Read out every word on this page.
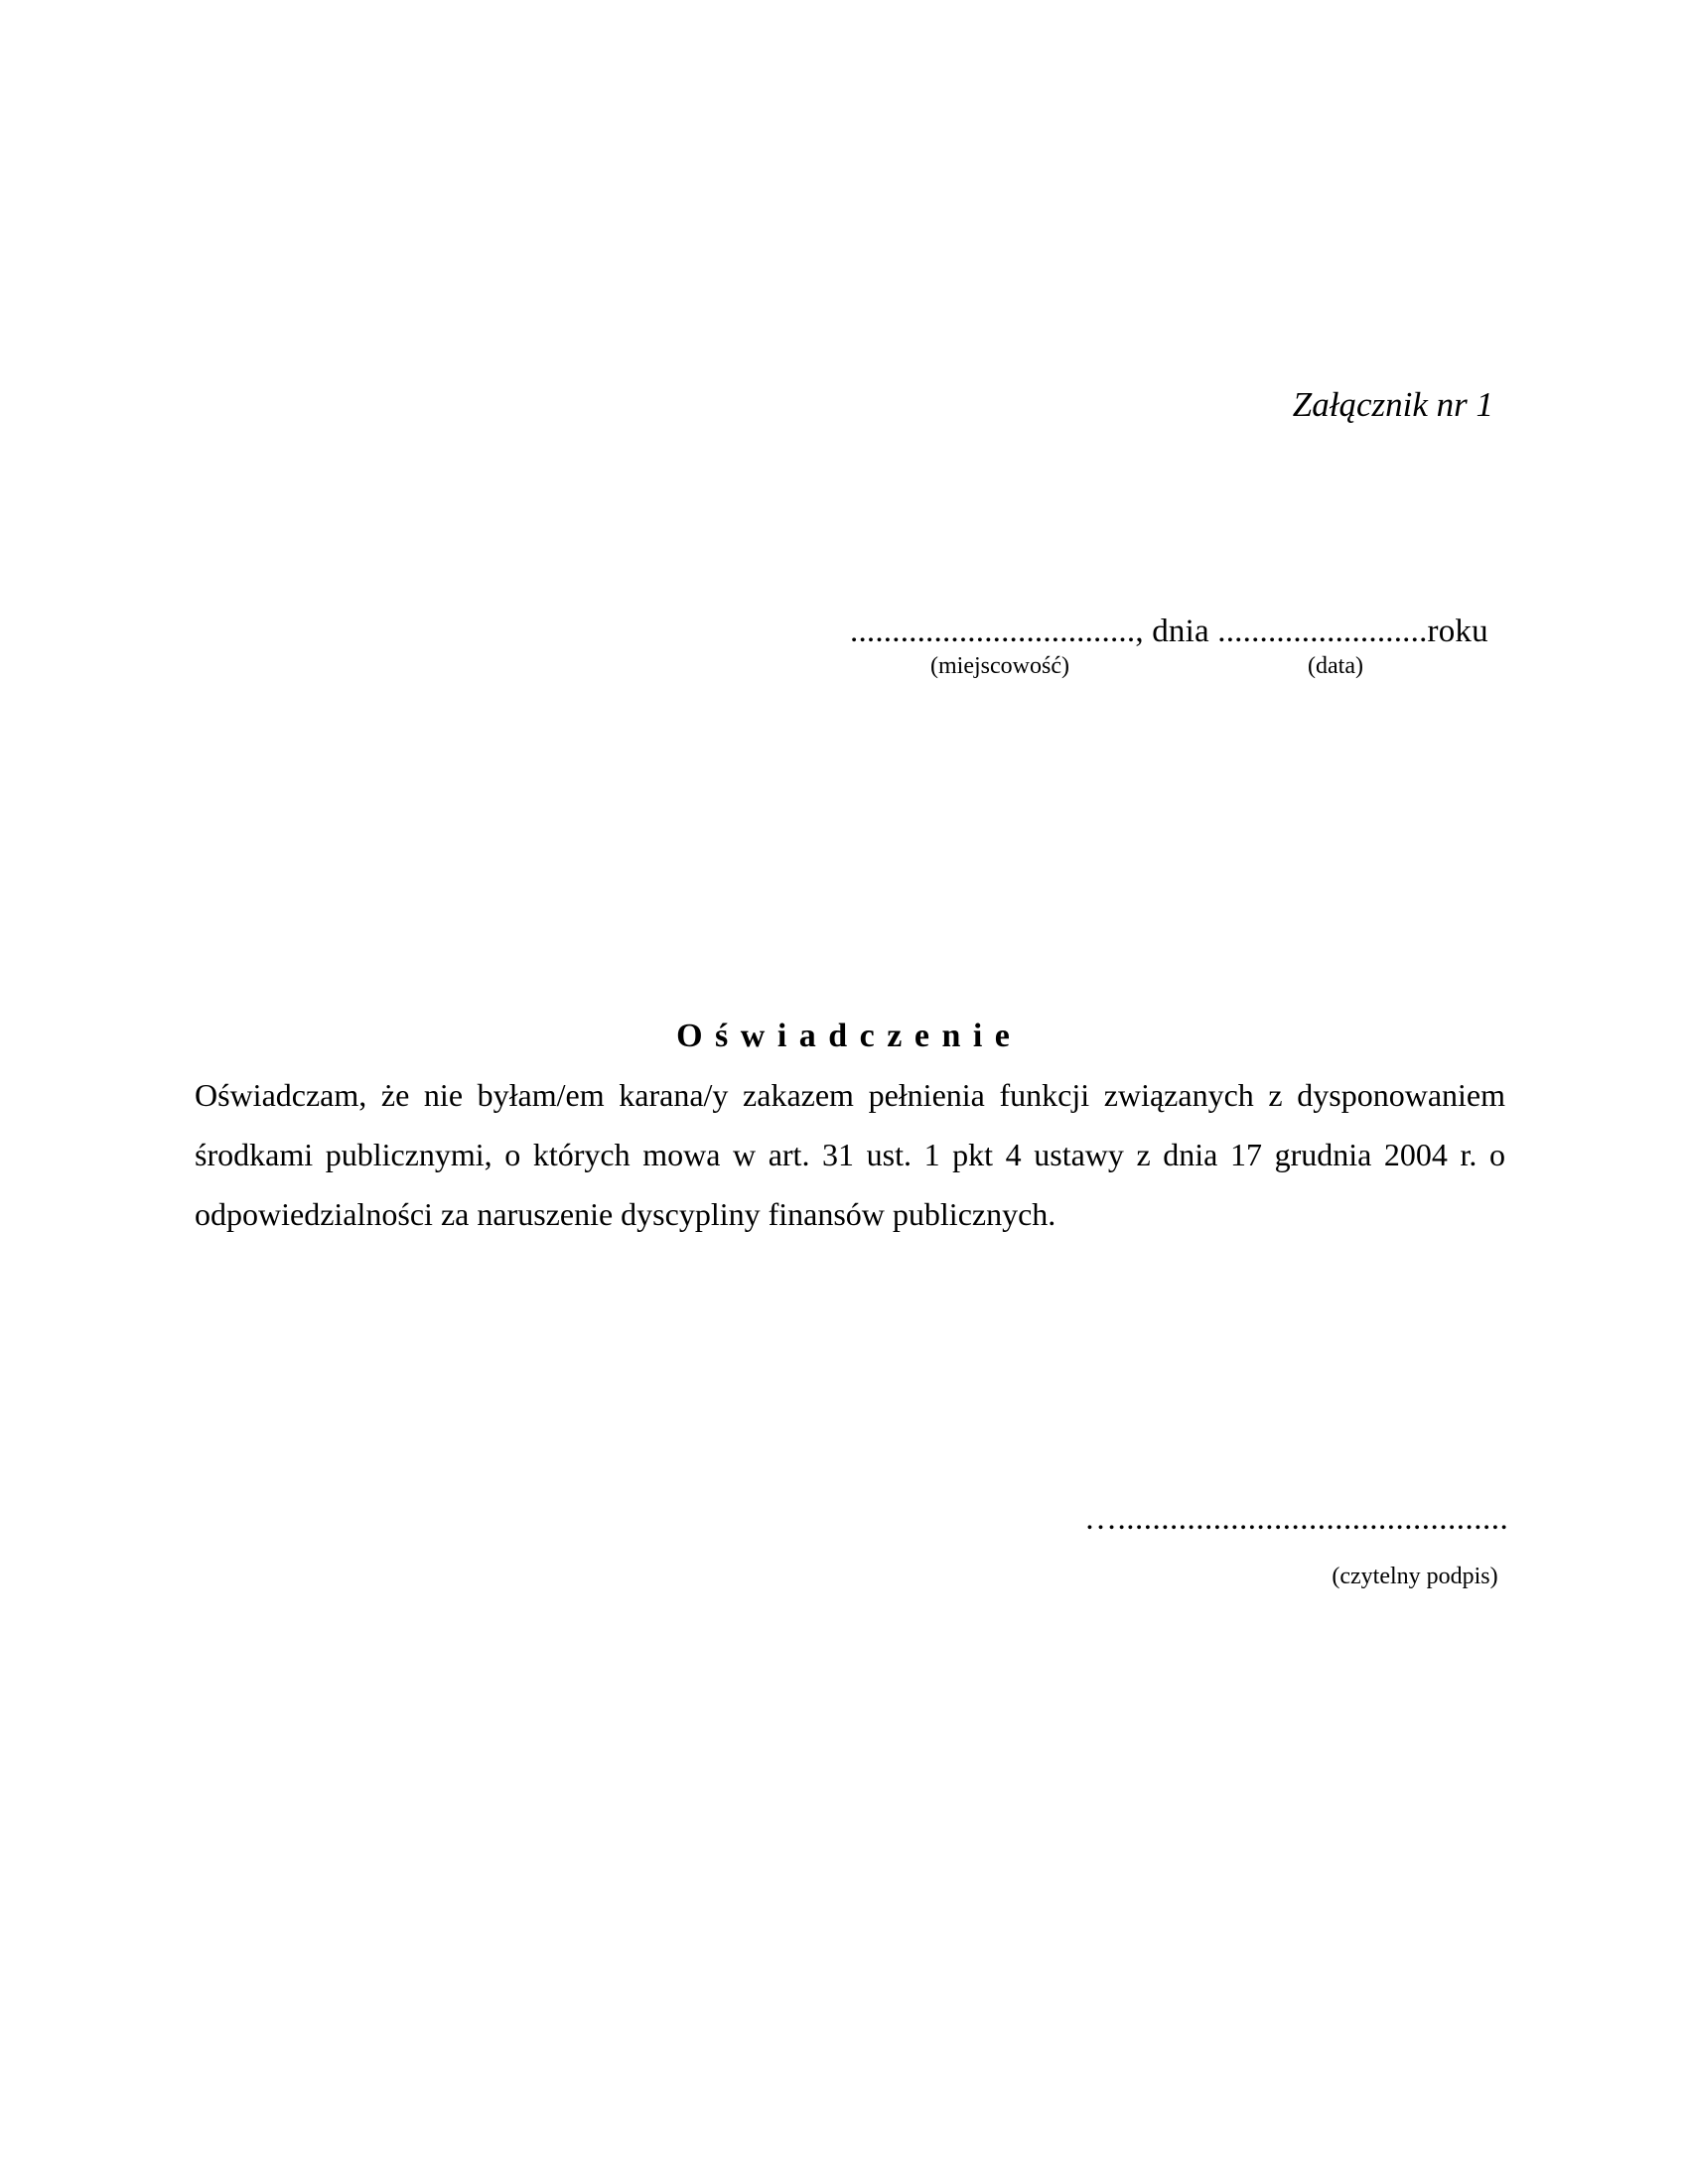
Załącznik nr 1
.................................., dnia .........................roku
(miejscowość)	(data)
O ś w i a d c z e n i e
Oświadczam, że nie byłam/em karana/y zakazem pełnienia funkcji związanych z dysponowaniem
środkami publicznymi, o których mowa w art. 31 ust. 1 pkt 4 ustawy z dnia 17 grudnia 2004 r. o
odpowiedzialności za naruszenie dyscypliny finansów publicznych.
….............................................
(czytelny podpis)
